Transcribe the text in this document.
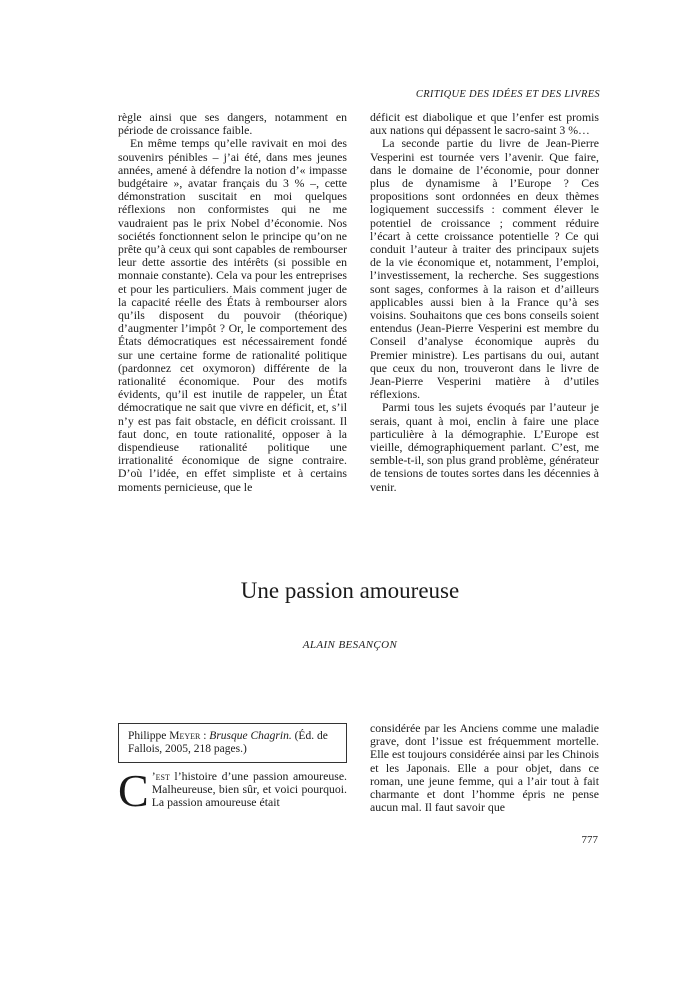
CRITIQUE DES IDÉES ET DES LIVRES

règle ainsi que ses dangers, notamment en période de croissance faible.

En même temps qu’elle ravivait en moi des souvenirs pénibles – j’ai été, dans mes jeunes années, amené à défendre la notion d’« impasse budgétaire », avatar français du 3 % –, cette démonstration suscitait en moi quelques réflexions non conformistes qui ne me vaudraient pas le prix Nobel d’économie. Nos sociétés fonctionnent selon le principe qu’on ne prête qu’à ceux qui sont capables de rembourser leur dette assortie des intérêts (si possible en monnaie constante). Cela va pour les entreprises et pour les particuliers. Mais comment juger de la capacité réelle des États à rembourser alors qu’ils disposent du pouvoir (théorique) d’augmenter l’impôt ? Or, le comportement des États démocratiques est nécessairement fondé sur une certaine forme de rationalité politique (pardonnez cet oxymoron) différente de la rationalité économique. Pour des motifs évidents, qu’il est inutile de rappeler, un État démocratique ne sait que vivre en déficit, et, s’il n’y est pas fait obstacle, en déficit croissant. Il faut donc, en toute rationalité, opposer à la dispendieuse rationalité politique une irrationalité économique de signe contraire. D’où l’idée, en effet simpliste et à certains moments pernicieuse, que le

déficit est diabolique et que l’enfer est promis aux nations qui dépassent le sacro-saint 3 %…

La seconde partie du livre de Jean-Pierre Vesperini est tournée vers l’avenir. Que faire, dans le domaine de l’économie, pour donner plus de dynamisme à l’Europe ? Ces propositions sont ordonnées en deux thèmes logiquement successifs : comment élever le potentiel de croissance ; comment réduire l’écart à cette croissance potentielle ? Ce qui conduit l’auteur à traiter des principaux sujets de la vie économique et, notamment, l’emploi, l’investissement, la recherche. Ses suggestions sont sages, conformes à la raison et d’ailleurs applicables aussi bien à la France qu’à ses voisins. Souhaitons que ces bons conseils soient entendus (Jean-Pierre Vesperini est membre du Conseil d’analyse économique auprès du Premier ministre). Les partisans du oui, autant que ceux du non, trouveront dans le livre de Jean-Pierre Vesperini matière à d’utiles réflexions.

Parmi tous les sujets évoqués par l’auteur je serais, quant à moi, enclin à faire une place particulière à la démographie. L’Europe est vieille, démographiquement parlant. C’est, me semble-t-il, son plus grand problème, générateur de tensions de toutes sortes dans les décennies à venir.

Une passion amoureuse
ALAIN BESANÇON
Philippe Meyer : Brusque Chagrin. (Éd. de Fallois, 2005, 218 pages.)

C ’est l’histoire d’une passion amoureuse. Malheureuse, bien sûr, et voici pourquoi. La passion amoureuse était

considérée par les Anciens comme une maladie grave, dont l’issue est fréquemment mortelle. Elle est toujours considérée ainsi par les Chinois et les Japonais. Elle a pour objet, dans ce roman, une jeune femme, qui a l’air tout à fait charmante et dont l’homme épris ne pense aucun mal. Il faut savoir que

777
